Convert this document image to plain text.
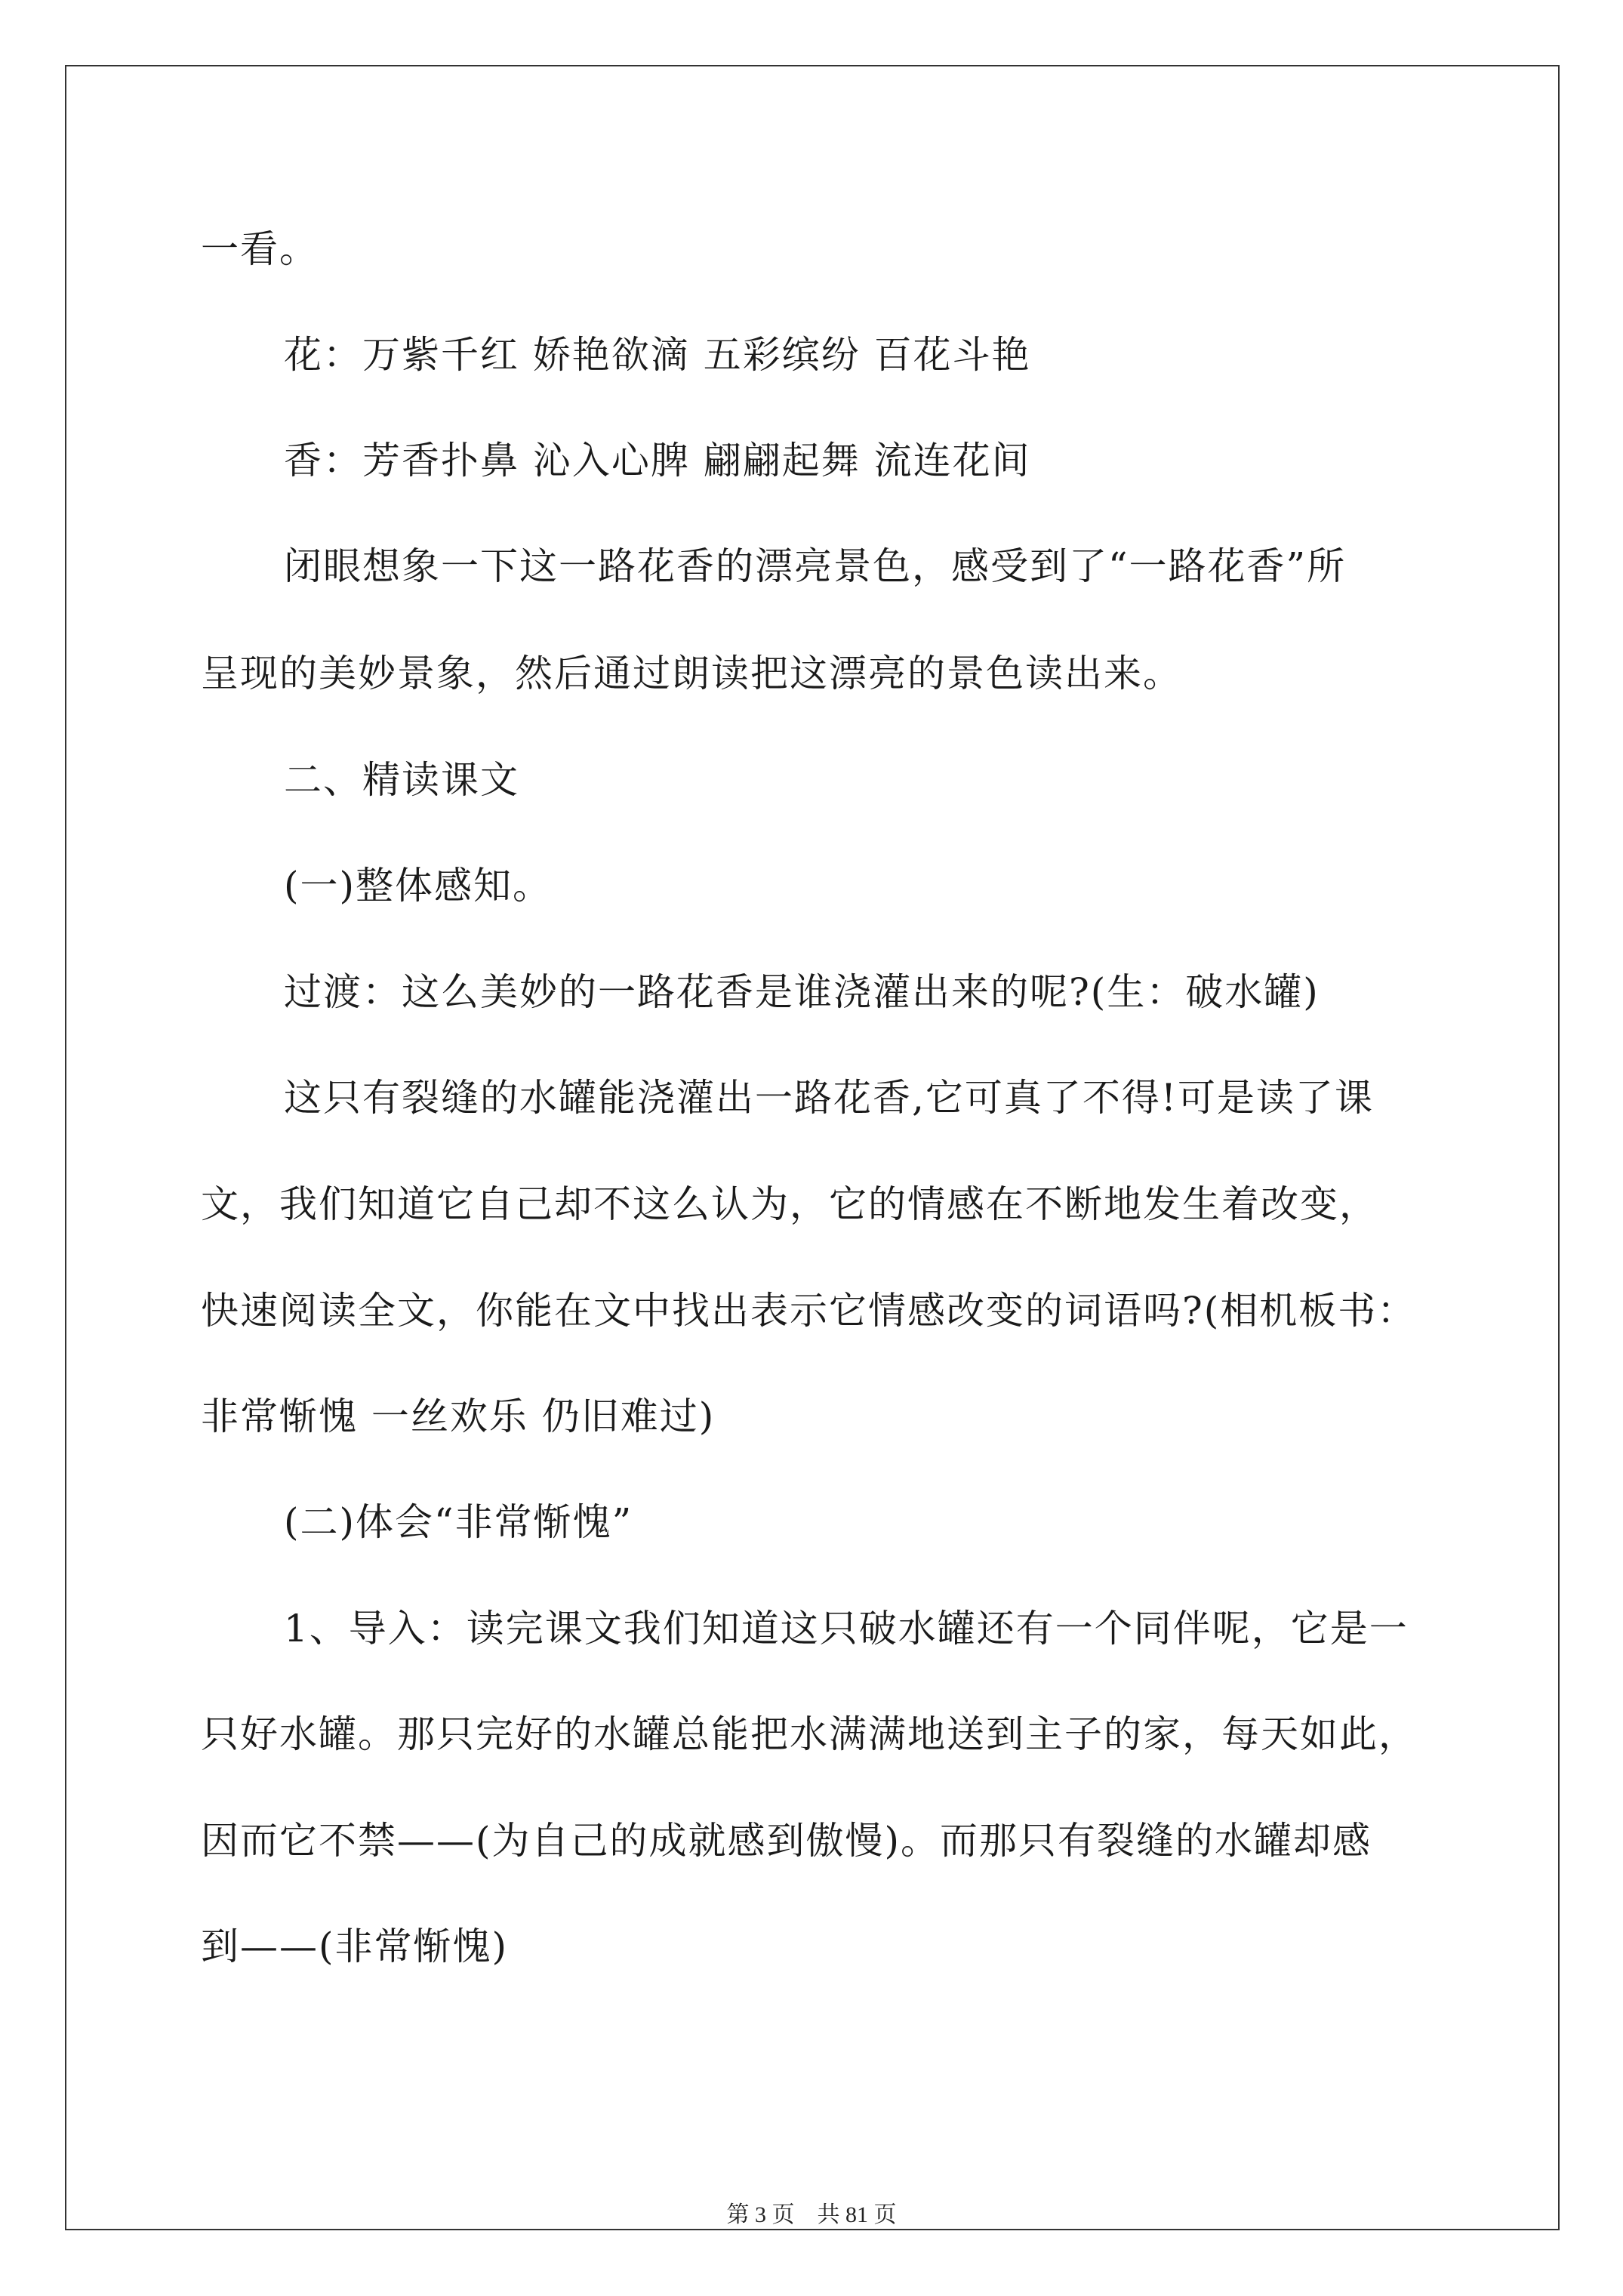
一看。
花：万紫千红 娇艳欲滴 五彩缤纷 百花斗艳
香：芳香扑鼻 沁入心脾 翩翩起舞 流连花间
闭眼想象一下这一路花香的漂亮景色，感受到了“一路花香”所
呈现的美妙景象，然后通过朗读把这漂亮的景色读出来。
二、精读课文
(一)整体感知。
过渡：这么美妙的一路花香是谁浇灌出来的呢?(生：破水罐)
这只有裂缝的水罐能浇灌出一路花香,它可真了不得!可是读了课
文，我们知道它自己却不这么认为，它的情感在不断地发生着改变，
快速阅读全文，你能在文中找出表示它情感改变的词语吗?(相机板书：
非常惭愧 一丝欢乐 仍旧难过)
(二)体会“非常惭愧”
1、导入：读完课文我们知道这只破水罐还有一个同伴呢，它是一
只好水罐。那只完好的水罐总能把水满满地送到主子的家，每天如此，
因而它不禁——(为自己的成就感到傲慢)。而那只有裂缝的水罐却感
到——(非常惭愧)
第 3 页　共 81 页
